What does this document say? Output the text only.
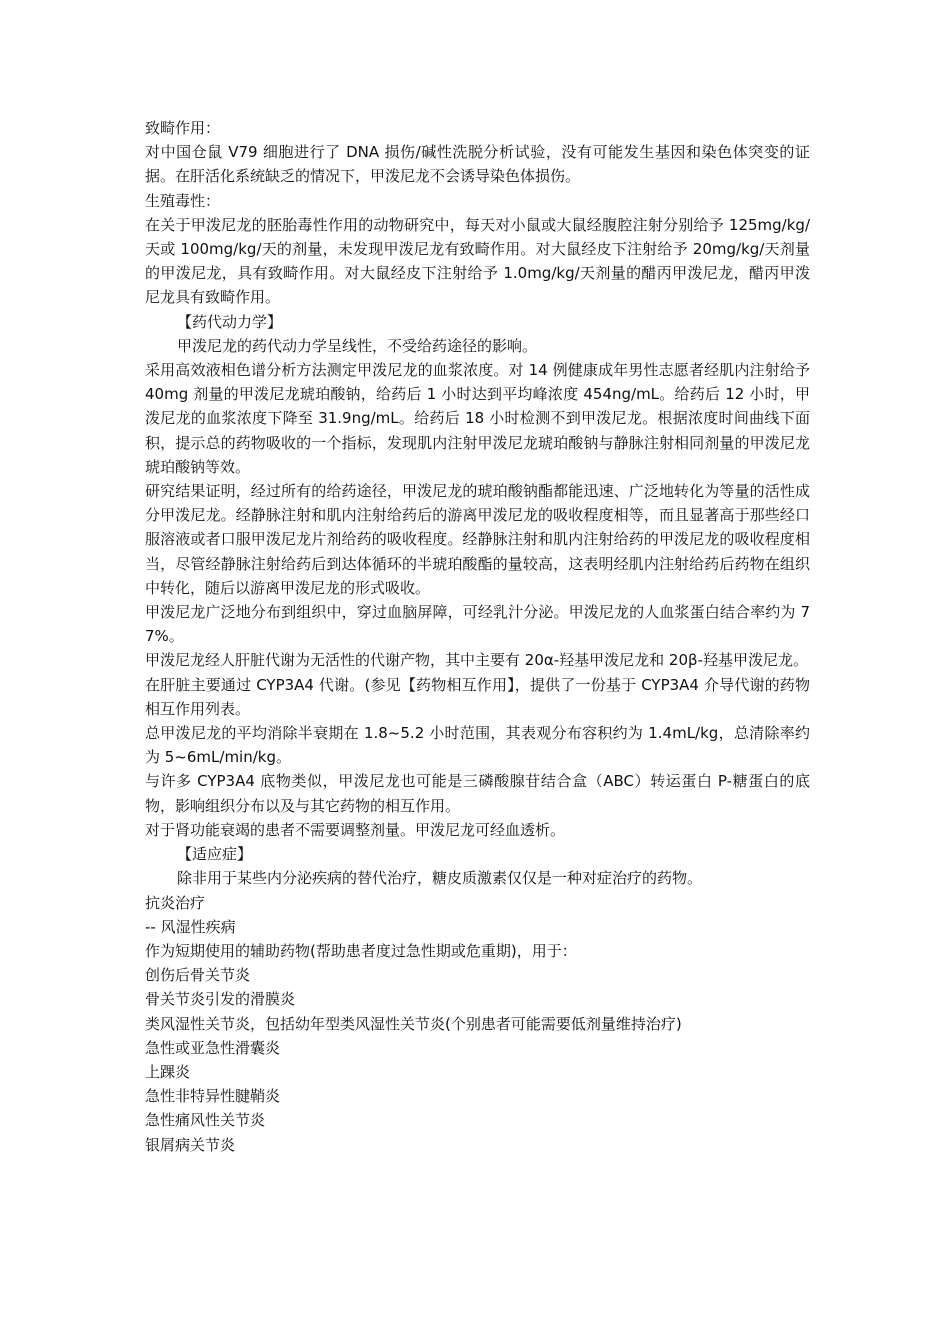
致畸作用：

对中国仓鼠 V79 细胞进行了 DNA 损伤/碱性洗脱分析试验，没有可能发生基因和染色体突变的证据。在肝活化系统缺乏的情况下，甲泼尼龙不会诱导染色体损伤。

生殖毒性：

在关于甲泼尼龙的胚胎毒性作用的动物研究中，每天对小鼠或大鼠经腹腔注射分别给予 125mg/kg/天或 100mg/kg/天的剂量，未发现甲泼尼龙有致畸作用。对大鼠经皮下注射给予 20mg/kg/天剂量的甲泼尼龙，具有致畸作用。对大鼠经皮下注射给予 1.0mg/kg/天剂量的醋丙甲泼尼龙，醋丙甲泼尼龙具有致畸作用。

【药代动力学】

甲泼尼龙的药代动力学呈线性，不受给药途径的影响。

采用高效液相色谱分析方法测定甲泼尼龙的血浆浓度。对 14 例健康成年男性志愿者经肌内注射给予 40mg 剂量的甲泼尼龙琥珀酸钠，给药后 1 小时达到平均峰浓度 454ng/mL。给药后 12 小时，甲泼尼龙的血浆浓度下降至 31.9ng/mL。给药后 18 小时检测不到甲泼尼龙。根据浓度时间曲线下面积，提示总的药物吸收的一个指标，发现肌内注射甲泼尼龙琥珀酸钠与静脉注射相同剂量的甲泼尼龙琥珀酸钠等效。

研究结果证明，经过所有的给药途径，甲泼尼龙的琥珀酸钠酯都能迅速、广泛地转化为等量的活性成分甲泼尼龙。经静脉注射和肌内注射给药后的游离甲泼尼龙的吸收程度相等，而且显著高于那些经口服溶液或者口服甲泼尼龙片剂给药的吸收程度。经静脉注射和肌内注射给药的甲泼尼龙的吸收程度相当，尽管经静脉注射给药后到达体循环的半琥珀酸酯的量较高，这表明经肌内注射给药后药物在组织中转化，随后以游离甲泼尼龙的形式吸收。

甲泼尼龙广泛地分布到组织中，穿过血脑屏障，可经乳汁分泌。甲泼尼龙的人血浆蛋白结合率约为 77%。

甲泼尼龙经人肝脏代谢为无活性的代谢产物，其中主要有 20α-羟基甲泼尼龙和 20β-羟基甲泼尼龙。

在肝脏主要通过 CYP3A4 代谢。(参见【药物相互作用】，提供了一份基于 CYP3A4 介导代谢的药物相互作用列表。

总甲泼尼龙的平均消除半衰期在 1.8~5.2 小时范围，其表观分布容积约为 1.4mL/kg，总清除率约为 5~6mL/min/kg。

与许多 CYP3A4 底物类似，甲泼尼龙也可能是三磷酸腺苷结合盒（ABC）转运蛋白 P-糖蛋白的底物，影响组织分布以及与其它药物的相互作用。

对于肾功能衰竭的患者不需要调整剂量。甲泼尼龙可经血透析。

【适应症】

除非用于某些内分泌疾病的替代治疗，糖皮质激素仅仅是一种对症治疗的药物。

抗炎治疗

-- 风湿性疾病

作为短期使用的辅助药物(帮助患者度过急性期或危重期)，用于：

创伤后骨关节炎

骨关节炎引发的滑膜炎

类风湿性关节炎，包括幼年型类风湿性关节炎(个别患者可能需要低剂量维持治疗)

急性或亚急性滑囊炎

上踝炎

急性非特异性腱鞘炎

急性痛风性关节炎

银屑病关节炎
